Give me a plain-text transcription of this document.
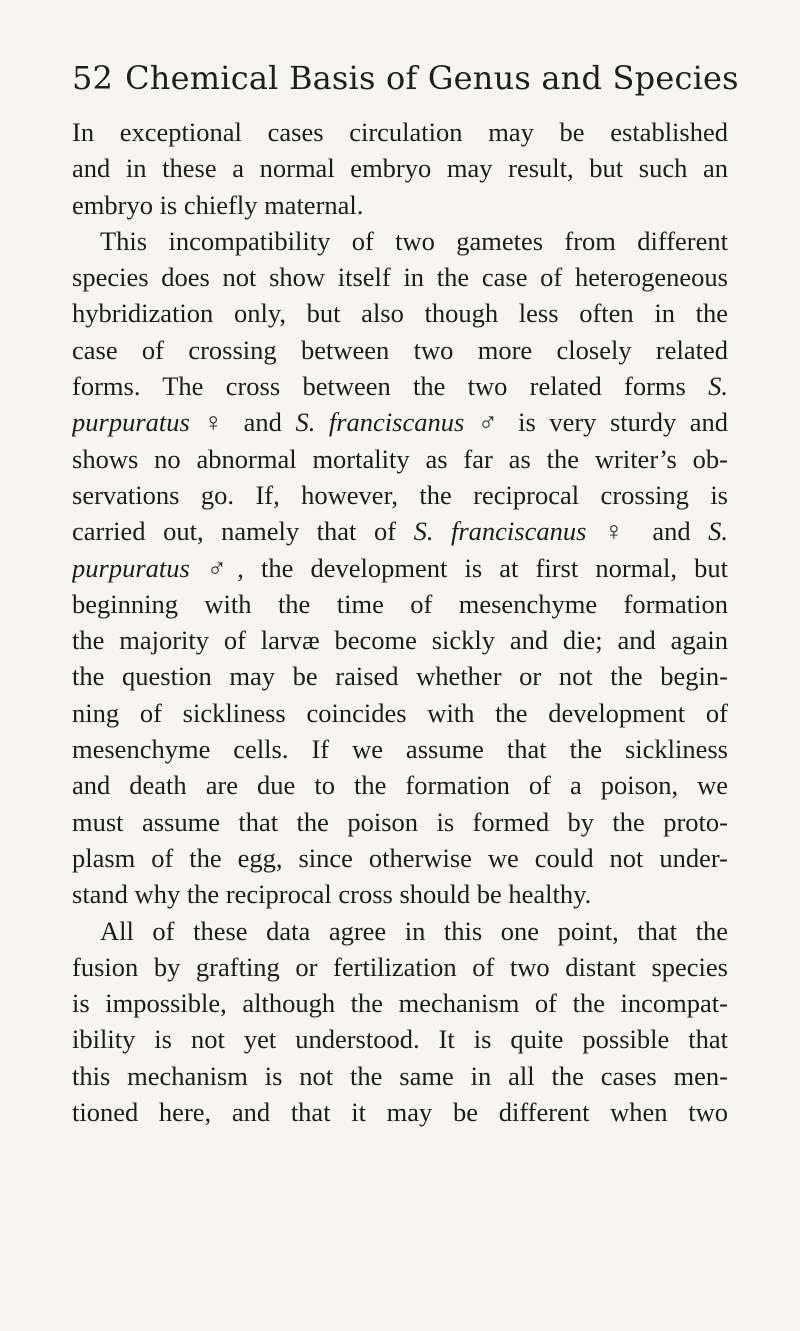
52 Chemical Basis of Genus and Species
In exceptional cases circulation may be established
and in these a normal embryo may result, but such an
embryo is chiefly maternal.
This incompatibility of two gametes from different
species does not show itself in the case of heterogeneous
hybridization only, but also though less often in the
case of crossing between two more closely related
forms. The cross between the two related forms S.
purpuratus ♀ and S. franciscanus ♂ is very sturdy and
shows no abnormal mortality as far as the writer’s ob-
servations go. If, however, the reciprocal crossing is
carried out, namely that of S. franciscanus ♀ and S.
purpuratus ♂, the development is at first normal, but
beginning with the time of mesenchyme formation
the majority of larvæ become sickly and die; and again
the question may be raised whether or not the begin-
ning of sickliness coincides with the development of
mesenchyme cells. If we assume that the sickliness
and death are due to the formation of a poison, we
must assume that the poison is formed by the proto-
plasm of the egg, since otherwise we could not under-
stand why the reciprocal cross should be healthy.
All of these data agree in this one point, that the
fusion by grafting or fertilization of two distant species
is impossible, although the mechanism of the incompat-
ibility is not yet understood. It is quite possible that
this mechanism is not the same in all the cases men-
tioned here, and that it may be different when two
